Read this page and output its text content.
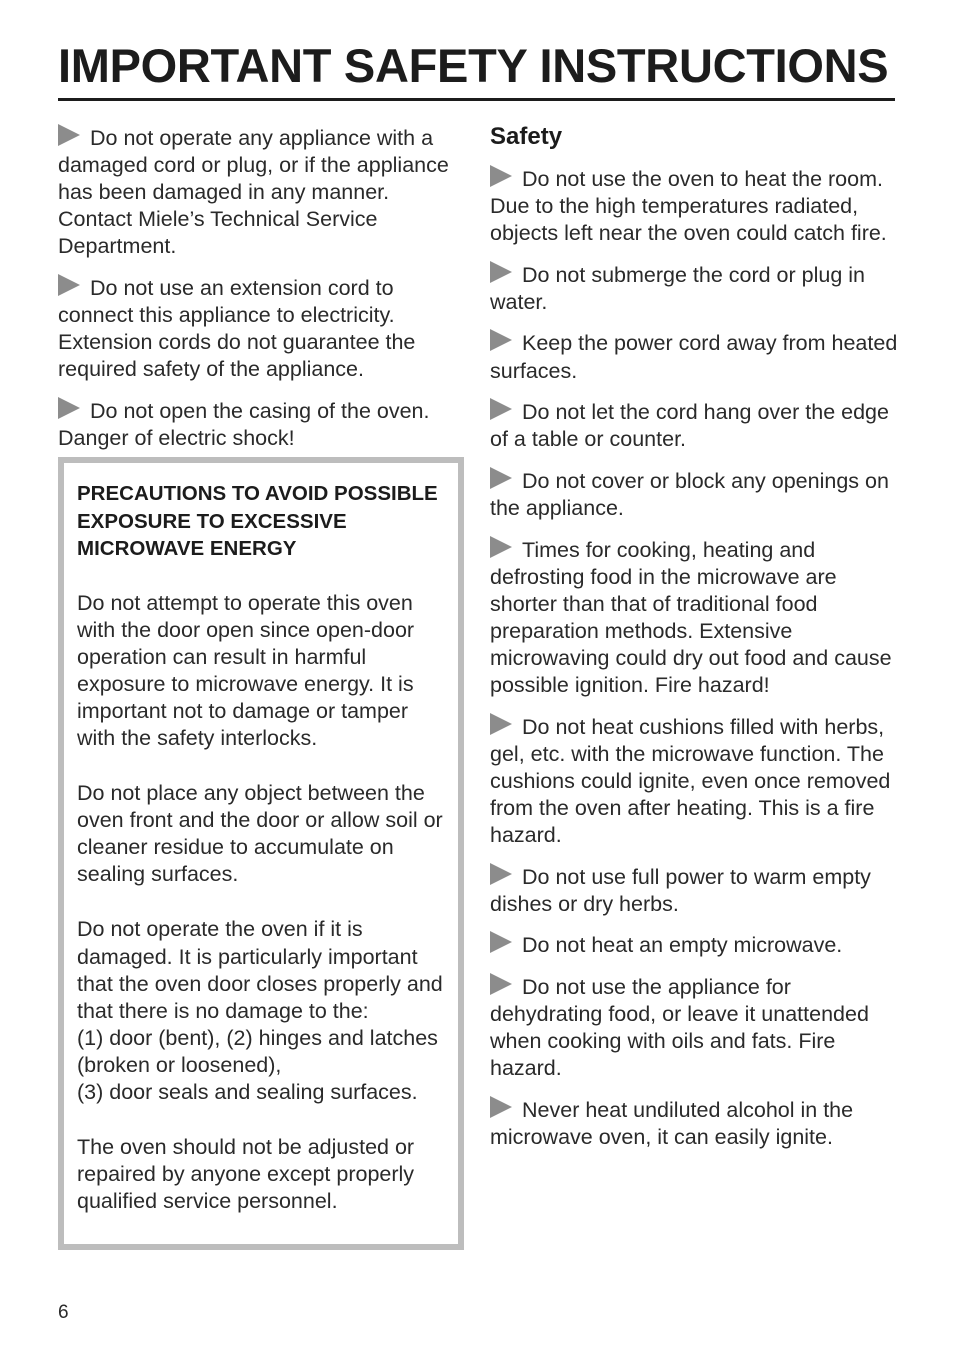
IMPORTANT SAFETY INSTRUCTIONS

Do not operate any appliance with a damaged cord or plug, or if the appliance has been damaged in any manner. Contact Miele’s Technical Service Department.

Do not use an extension cord to connect this appliance to electricity. Extension cords do not guarantee the required safety of the appliance.

Do not open the casing of the oven. Danger of electric shock!

PRECAUTIONS TO AVOID POSSIBLE EXPOSURE TO EXCESSIVE MICROWAVE ENERGY

Do not attempt to operate this oven with the door open since open-door operation can result in harmful exposure to microwave energy. It is important not to damage or tamper with the safety interlocks.

Do not place any object between the oven front and the door or allow soil or cleaner residue to accumulate on sealing surfaces.

Do not operate the oven if it is damaged. It is particularly important that the oven door closes properly and that there is no damage to the:
(1) door (bent), (2) hinges and latches (broken or loosened),
(3) door seals and sealing surfaces.

The oven should not be adjusted or repaired by anyone except properly qualified service personnel.

Safety

Do not use the oven to heat the room. Due to the high temperatures radiated, objects left near the oven could catch fire.

Do not submerge the cord or plug in water.

Keep the power cord away from heated surfaces.

Do not let the cord hang over the edge of a table or counter.

Do not cover or block any openings on the appliance.

Times for cooking, heating and defrosting food in the microwave are shorter than that of traditional food preparation methods. Extensive microwaving could dry out food and cause possible ignition. Fire hazard!

Do not heat cushions filled with herbs, gel, etc. with the microwave function. The cushions could ignite, even once removed from the oven after heating. This is a fire hazard.

Do not use full power to warm empty dishes or dry herbs.

Do not heat an empty microwave.

Do not use the appliance for dehydrating food, or leave it unattended when cooking with oils and fats. Fire hazard.

Never heat undiluted alcohol in the microwave oven, it can easily ignite.

6
